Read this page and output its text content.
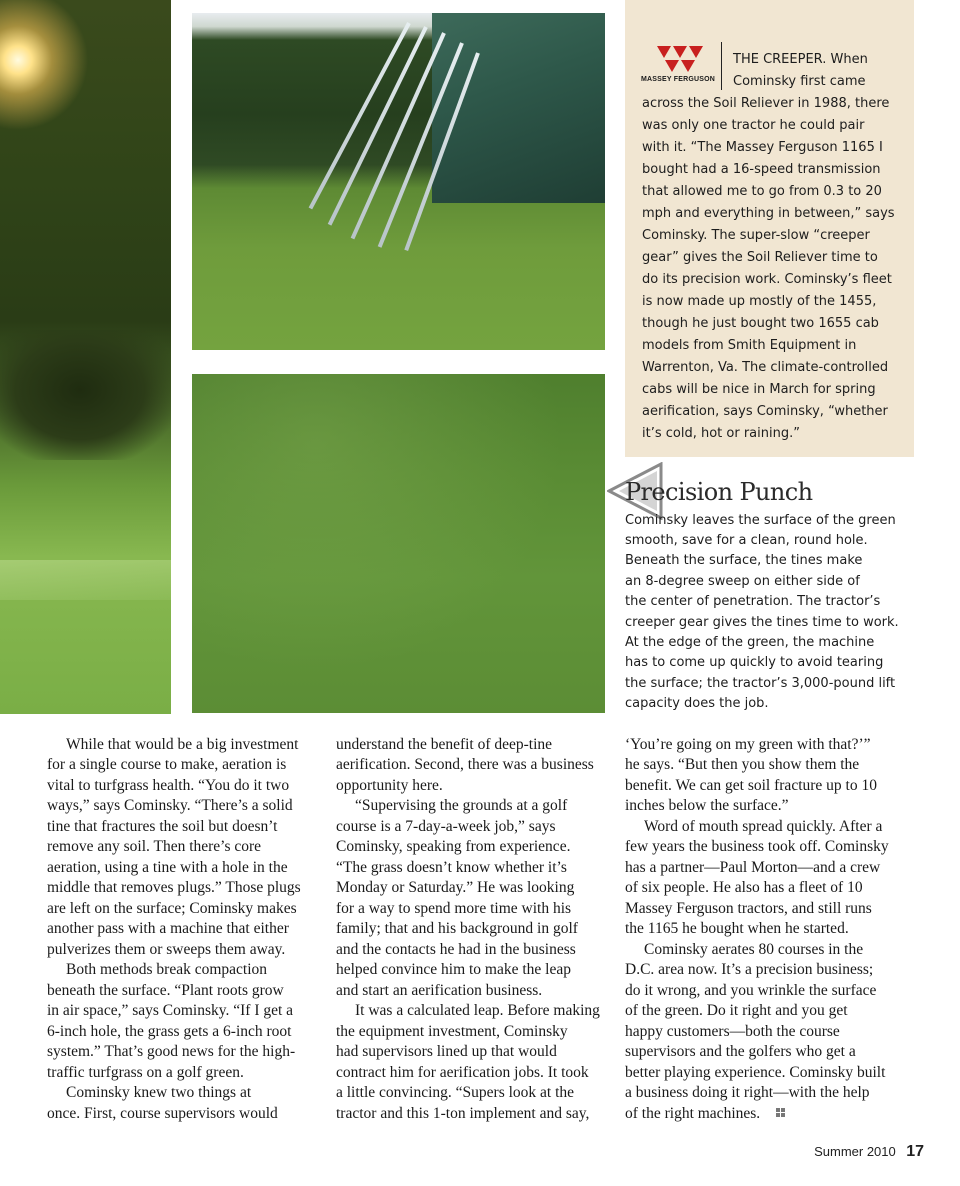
MASSEY FERGUSON
THE CREEPER. When
Cominsky first came
across the Soil Reliever in 1988, there
was only one tractor he could pair
with it. “The Massey Ferguson 1165 I
bought had a 16-speed transmission
that allowed me to go from 0.3 to 20
mph and everything in between,” says
Cominsky. The super-slow “creeper
gear” gives the Soil Reliever time to
do its precision work. Cominsky’s fleet
is now made up mostly of the 1455,
though he just bought two 1655 cab
models from Smith Equipment in
Warrenton, Va. The climate-controlled
cabs will be nice in March for spring
aerification, says Cominsky, “whether
it’s cold, hot or raining.”
Precision Punch
Cominsky leaves the surface of the green
smooth, save for a clean, round hole.
Beneath the surface, the tines make
an 8-degree sweep on either side of
the center of penetration. The tractor’s
creeper gear gives the tines time to work.
At the edge of the green, the machine
has to come up quickly to avoid tearing
the surface; the tractor’s 3,000-pound lift
capacity does the job.
While that would be a big investment
for a single course to make, aeration is
vital to turfgrass health. “You do it two
ways,” says Cominsky. “There’s a solid
tine that fractures the soil but doesn’t
remove any soil. Then there’s core
aeration, using a tine with a hole in the
middle that removes plugs.” Those plugs
are left on the surface; Cominsky makes
another pass with a machine that either
pulverizes them or sweeps them away.
Both methods break compaction
beneath the surface. “Plant roots grow
in air space,” says Cominsky. “If I get a
6-inch hole, the grass gets a 6-inch root
system.” That’s good news for the high-
traffic turfgrass on a golf green.
Cominsky knew two things at
once. First, course supervisors would
understand the benefit of deep-tine
aerification. Second, there was a business
opportunity here.
“Supervising the grounds at a golf
course is a 7-day-a-week job,” says
Cominsky, speaking from experience.
“The grass doesn’t know whether it’s
Monday or Saturday.” He was looking
for a way to spend more time with his
family; that and his background in golf
and the contacts he had in the business
helped convince him to make the leap
and start an aerification business.
It was a calculated leap. Before making
the equipment investment, Cominsky
had supervisors lined up that would
contract him for aerification jobs. It took
a little convincing. “Supers look at the
tractor and this 1-ton implement and say,
‘You’re going on my green with that?’”
he says. “But then you show them the
benefit. We can get soil fracture up to 10
inches below the surface.”
Word of mouth spread quickly. After a
few years the business took off. Cominsky
has a partner—Paul Morton—and a crew
of six people. He also has a fleet of 10
Massey Ferguson tractors, and still runs
the 1165 he bought when he started.
Cominsky aerates 80 courses in the
D.C. area now. It’s a precision business;
do it wrong, and you wrinkle the surface
of the green. Do it right and you get
happy customers—both the course
supervisors and the golfers who get a
better playing experience. Cominsky built
a business doing it right—with the help
of the right machines.
Summer 2010 17
